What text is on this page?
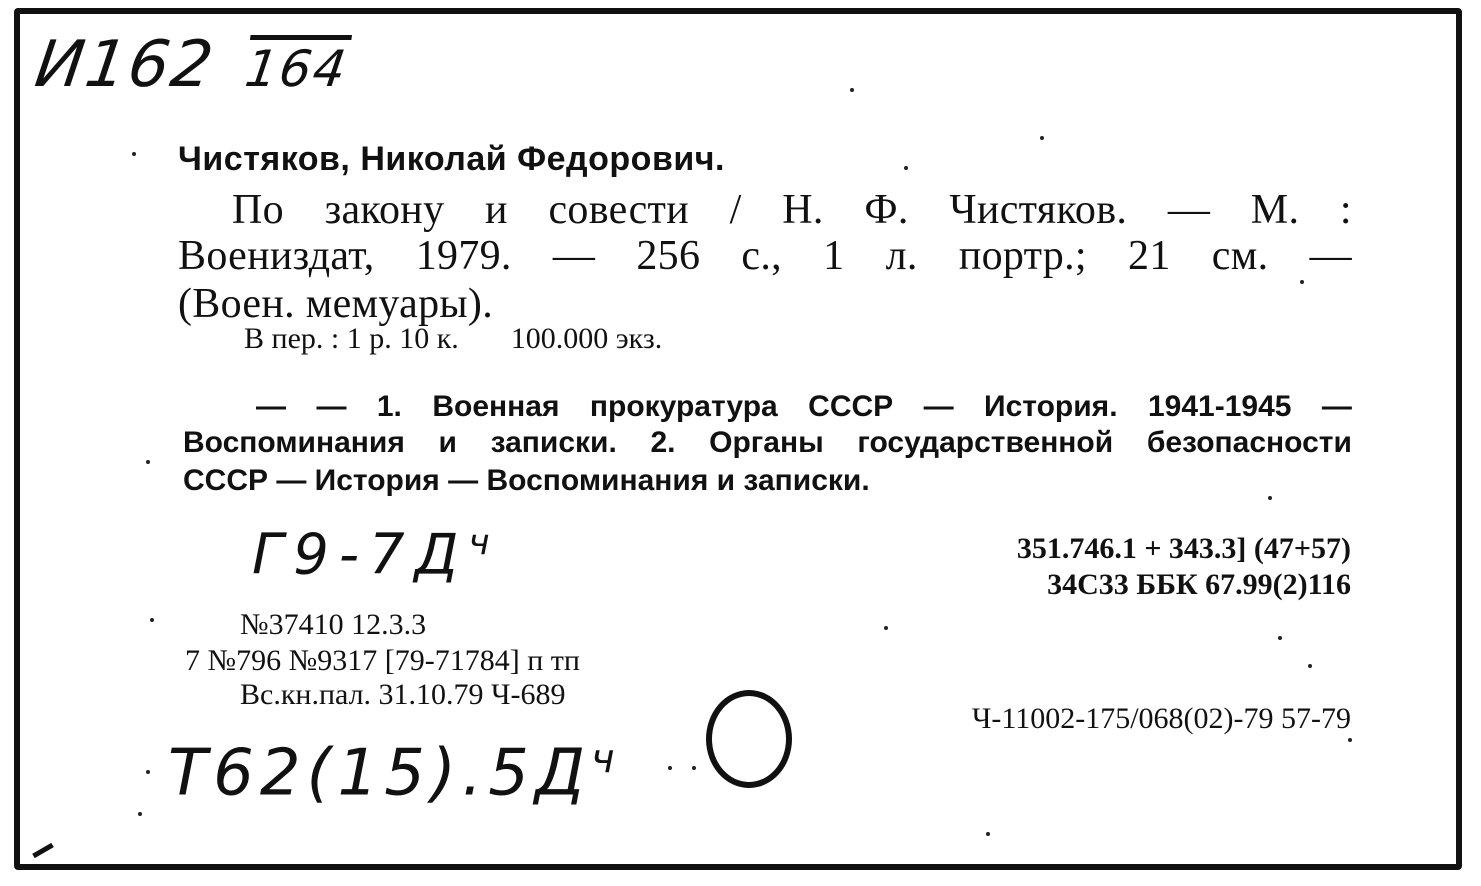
И162 164
Чистяков, Николай Федорович.
По закону и совести / Н. Ф. Чистяков. — М. :
Воениздат, 1979. — 256 с., 1 л. портр.; 21 см. —
(Воен. мемуары).
В пер. : 1 р. 10 к. 100.000 экз.
— — 1. Военная прокуратура СССР — История. 1941-1945 —
Воспоминания и записки. 2. Органы государственной безопасности
СССР — История — Воспоминания и записки.
$Г9-7Д^ч$	351.746.1 + 343.3] (47+57)
34С33 ББК 67.99(2)116
№37410 12.3.3
7 №796 №9317 [79-71784] п тп
Вс.кн.пал. 31.10.79 Ч-689
$Т62(15).5Д^ч$
Ч-11002-175/068(02)-79 57-79
